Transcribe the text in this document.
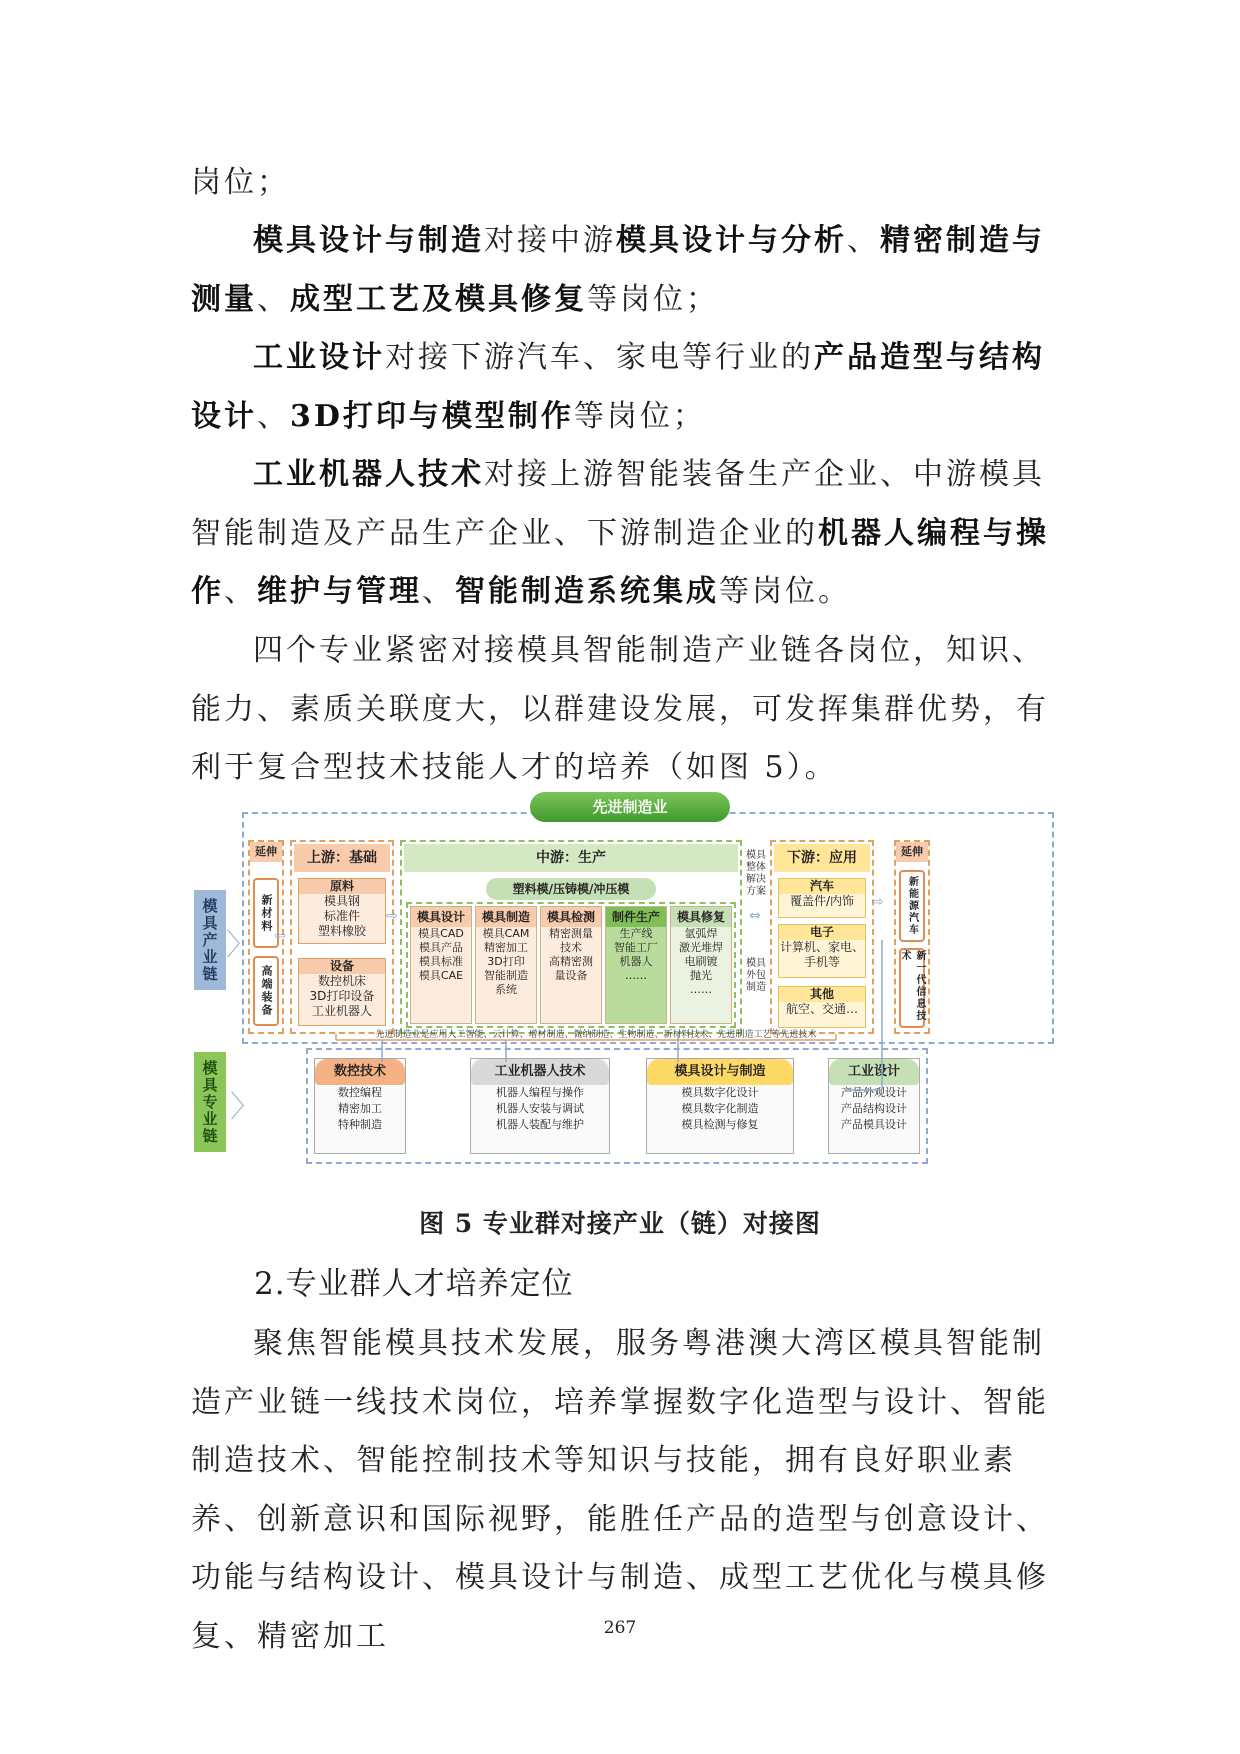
岗位；
模具设计与制造对接中游模具设计与分析、精密制造与测量、成型工艺及模具修复等岗位；
工业设计对接下游汽车、家电等行业的产品造型与结构设计、3D打印与模型制作等岗位；
工业机器人技术对接上游智能装备生产企业、中游模具智能制造及产品生产企业、下游制造企业的机器人编程与操作、维护与管理、智能制造系统集成等岗位。
四个专业紧密对接模具智能制造产业链各岗位，知识、能力、素质关联度大，以群建设发展，可发挥集群优势，有利于复合型技术技能人才的培养（如图 5）。
先进制造业
模具产业链 〉
延伸
新材料
高端装备
上游：基础
原料
模具钢
标准件
塑料橡胶
设备
数控机床
3D打印设备
工业机器人
中游：生产
塑料模/压铸模/冲压模
模具设计
模具CAD
模具产品
模具标准
模具CAE
模具制造
模具CAM
精密加工
3D打印
智能制造
系统
模具检测
精密测量
技术
高精密测
量设备
制件生产
生产线
智能工厂
机器人
……
模具修复
氩弧焊
激光堆焊
电刷镀
抛光
……
模具整体解决方案
模具外包制造
下游：应用
汽车
覆盖件/内饰
电子
计算机、家电、
手机等
其他
航空、交通…
延伸
新能源汽车
新一代信息技术
⇦
⇨	⇔
⇨
先进制造业是应用人工智能、云计算、增材制造、微纳制造、生物制造、新材料技术、先进制造工艺等先进技术
模具专业链 〉
数控技术
数控编程
精密加工
特种制造
工业机器人技术
机器人编程与操作
机器人安装与调试
机器人装配与维护
模具设计与制造
模具数字化设计
模具数字化制造
模具检测与修复
工业设计
产品外观设计
产品结构设计
产品模具设计
图 5 专业群对接产业（链）对接图
2.专业群人才培养定位
聚焦智能模具技术发展，服务粤港澳大湾区模具智能制造产业链一线技术岗位，培养掌握数字化造型与设计、智能制造技术、智能控制技术等知识与技能，拥有良好职业素养、创新意识和国际视野，能胜任产品的造型与创意设计、功能与结构设计、模具设计与制造、成型工艺优化与模具修复、精密加工	267
